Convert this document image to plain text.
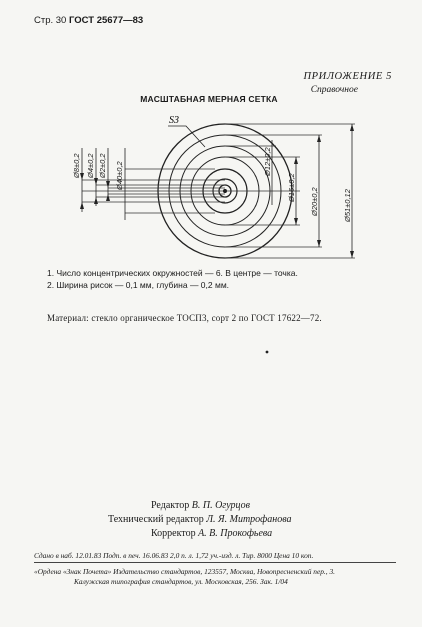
Стр. 30 ГОСТ 25677—83
ПРИЛОЖЕНИЕ 5
Справочное
МАСШТАБНАЯ МЕРНАЯ СЕТКА
S3
Ø8±0,2 Ø4±0,2 Ø2±0,2 Ø40±0,2	Ø12±0,2
Ø16±0,2 Ø20±0,2	Ø51±0,12
1. Число концентрических окружностей — 6. В центре — точка.
2. Ширина рисок — 0,1 мм, глубина — 0,2 мм.
Материал: стекло органическое ТОСП3, сорт 2 по ГОСТ 17622—72.
Редактор В. П. Огурцов
Технический редактор Л. Я. Митрофанова
Корректор А. В. Прокофьева
Сдано в наб. 12.01.83 Подп. в печ. 16.06.83 2,0 п. л. 1,72 уч.-изд. л. Тир. 8000 Цена 10 коп.
«Ордена «Знак Почета» Издательство стандартов, 123557, Москва, Новопресненский пер., 3.
Калужская типография стандартов, ул. Московская, 256. Зак. 1/04
